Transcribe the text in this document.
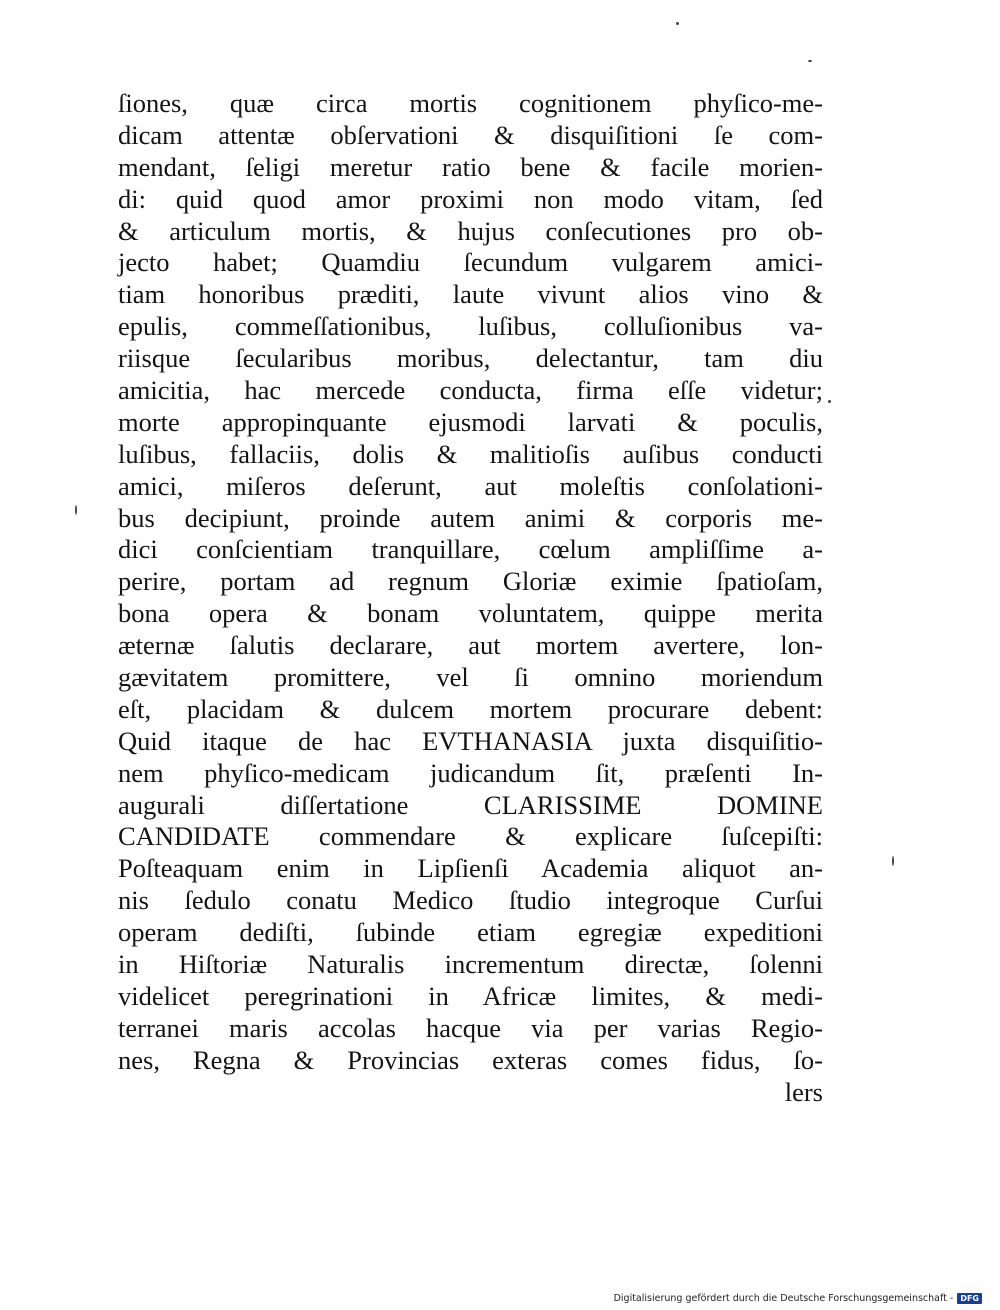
ſiones, quæ circa mortis cognitionem phyſico-me-
dicam attentæ obſervationi & disquiſitioni ſe com-
mendant, ſeligi meretur ratio bene & facile morien-
di: quid quod amor proximi non modo vitam, ſed
& articulum mortis, & hujus conſecutiones pro ob-
jecto habet; Quamdiu ſecundum vulgarem amici-
tiam honoribus præditi, laute vivunt alios vino &
epulis, commeſſationibus, luſibus, colluſionibus va-
riisque ſecularibus moribus, delectantur, tam diu
amicitia, hac mercede conducta, firma eſſe videtur;
morte appropinquante ejusmodi larvati & poculis,
luſibus, fallaciis, dolis & malitioſis auſibus conducti
amici, miſeros deſerunt, aut moleſtis conſolationi-
bus decipiunt, proinde autem animi & corporis me-
dici conſcientiam tranquillare, cœlum ampliſſime a-
perire, portam ad regnum Gloriæ eximie ſpatioſam,
bona opera & bonam voluntatem, quippe merita
æternæ ſalutis declarare, aut mortem avertere, lon-
gævitatem promittere, vel ſi omnino moriendum
eſt, placidam & dulcem mortem procurare debent:
Quid itaque de hac EVTHANASIA juxta disquiſitio-
nem phyſico-medicam judicandum ſit, præſenti In-
augurali diſſertatione CLARISSIME DOMINE
CANDIDATE commendare & explicare ſuſcepiſti:
Poſteaquam enim in Lipſienſi Academia aliquot an-
nis ſedulo conatu Medico ſtudio integroque Curſui
operam dediſti, ſubinde etiam egregiæ expeditioni
in Hiſtoriæ Naturalis incrementum directæ, ſolenni
videlicet peregrinationi in Africæ limites, & medi-
terranei maris accolas hacque via per varias Regio-
nes, Regna & Provincias exteras comes fidus, ſo-
lers
Digitalisierung gefördert durch die Deutsche Forschungsgemeinschaft - DFG
